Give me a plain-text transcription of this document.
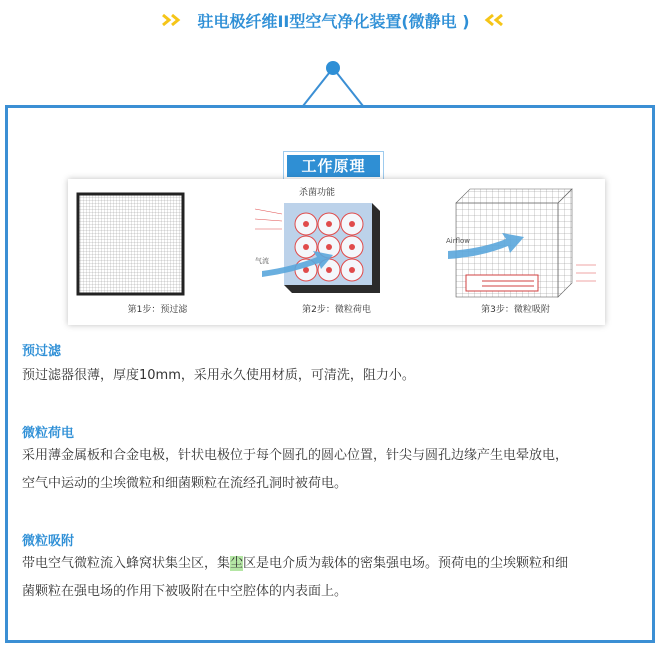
驻电极纤维II型空气净化装置(微静电 )
工作原理
第1步：预过滤
杀菌功能
气流
第2步：微粒荷电
Airflow
第3步：微粒吸附
预过滤
预过滤器很薄，厚度10mm，采用永久使用材质，可清洗，阻力小。
微粒荷电
采用薄金属板和合金电极，针状电极位于每个圆孔的圆心位置，针尖与圆孔边缘产生电晕放电，
空气中运动的尘埃微粒和细菌颗粒在流经孔洞时被荷电。
微粒吸附
带电空气微粒流入蜂窝状集尘区，集尘区是电介质为载体的密集强电场。预荷电的尘埃颗粒和细
菌颗粒在强电场的作用下被吸附在中空腔体的内表面上。
